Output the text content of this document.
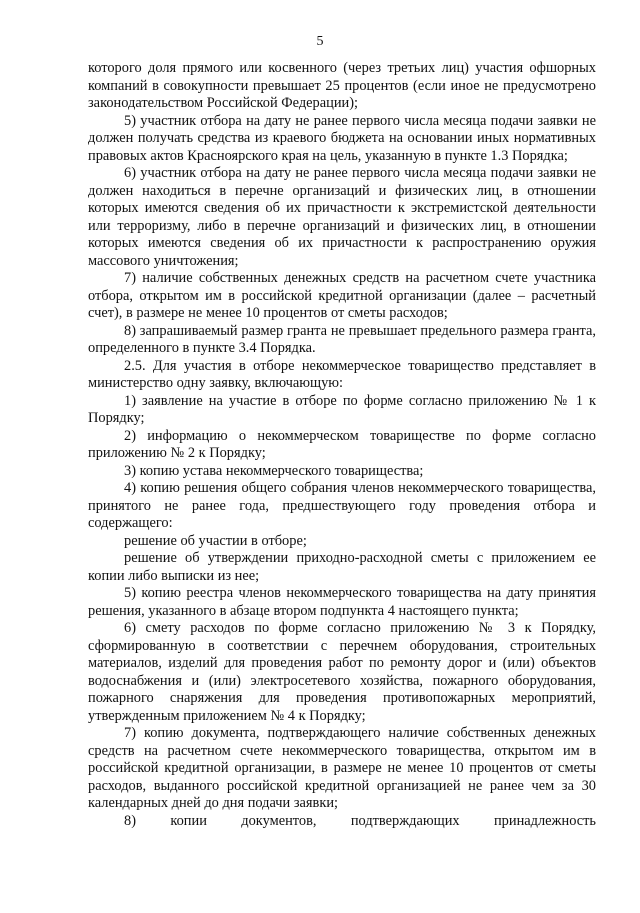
5

которого доля прямого или косвенного (через третьих лиц) участия офшорных компаний в совокупности превышает 25 процентов (если иное не предусмотрено законодательством Российской Федерации);

5) участник отбора на дату не ранее первого числа месяца подачи заявки не должен получать средства из краевого бюджета на основании иных нормативных правовых актов Красноярского края на цель, указанную в пункте 1.3 Порядка;

6) участник отбора на дату не ранее первого числа месяца подачи заявки не должен находиться в перечне организаций и физических лиц, в отношении которых имеются сведения об их причастности к экстремистской деятельности или терроризму, либо в перечне организаций и физических лиц, в отношении которых имеются сведения об их причастности к распространению оружия массового уничтожения;

7) наличие собственных денежных средств на расчетном счете участника отбора, открытом им в российской кредитной организации (далее – расчетный счет), в размере не менее 10 процентов от сметы расходов;

8) запрашиваемый размер гранта не превышает предельного размера гранта, определенного в пункте 3.4 Порядка.

2.5. Для участия в отборе некоммерческое товарищество представляет в министерство одну заявку, включающую:

1) заявление на участие в отборе по форме согласно приложению № 1 к Порядку;

2) информацию о некоммерческом товариществе по форме согласно приложению № 2 к Порядку;

3) копию устава некоммерческого товарищества;

4) копию решения общего собрания членов некоммерческого товарищества, принятого не ранее года, предшествующего году проведения отбора и содержащего:

решение об участии в отборе;

решение об утверждении приходно-расходной сметы с приложением ее копии либо выписки из нее;

5) копию реестра членов некоммерческого товарищества на дату принятия решения, указанного в абзаце втором подпункта 4 настоящего пункта;

6) смету расходов по форме согласно приложению № 3 к Порядку, сформированную в соответствии с перечнем оборудования, строительных материалов, изделий для проведения работ по ремонту дорог и (или) объектов водоснабжения и (или) электросетевого хозяйства, пожарного оборудования, пожарного снаряжения для проведения противопожарных мероприятий, утвержденным приложением № 4 к Порядку;

7) копию документа, подтверждающего наличие собственных денежных средств на расчетном счете некоммерческого товарищества, открытом им в российской кредитной организации, в размере не менее 10 процентов от сметы расходов, выданного российской кредитной организацией не ранее чем за 30 календарных дней до дня подачи заявки;

8) копии документов, подтверждающих принадлежность
